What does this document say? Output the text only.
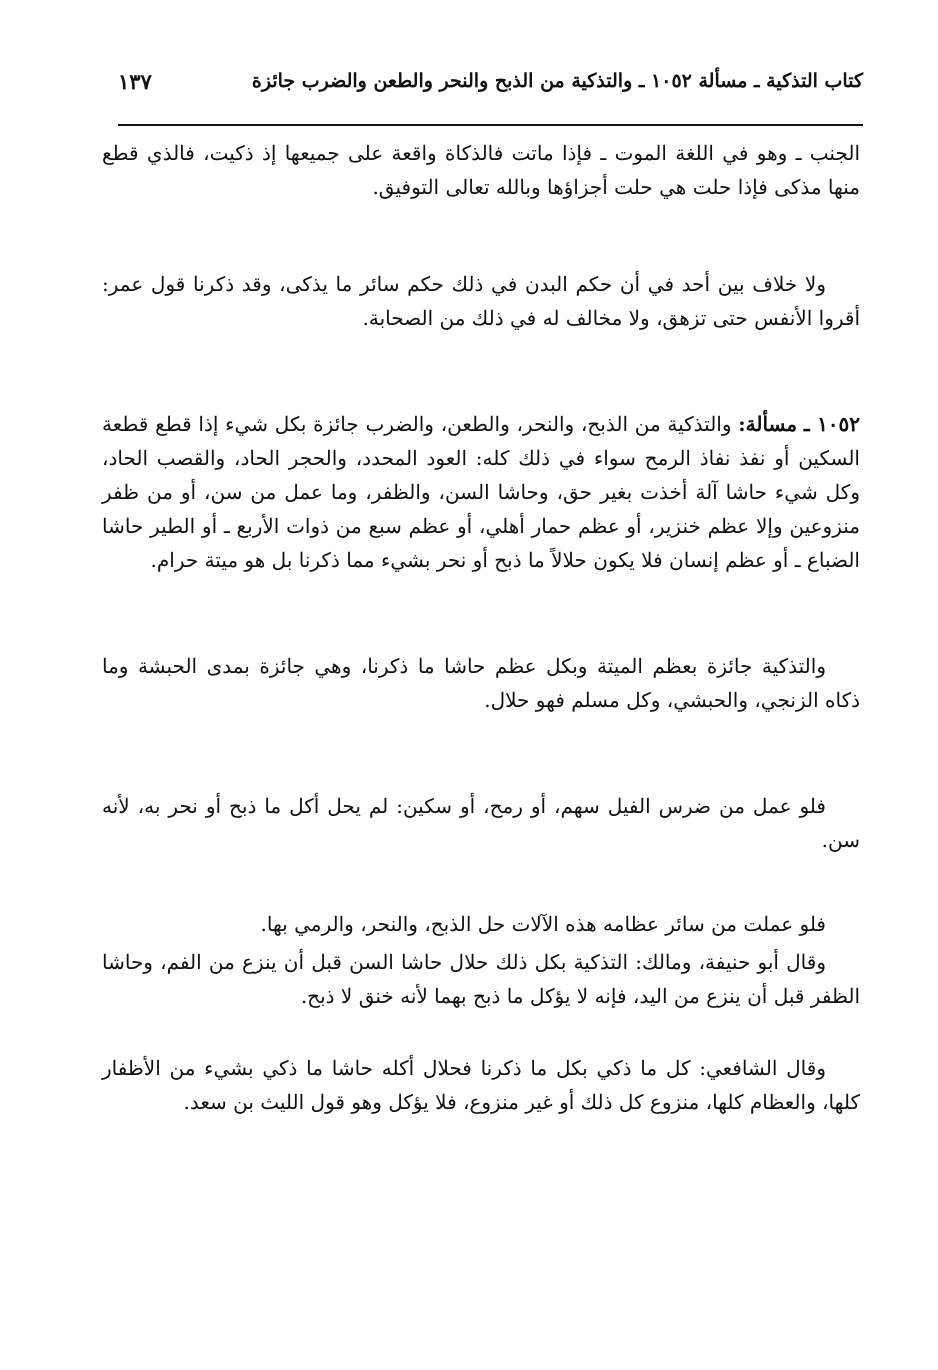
كتاب التذكية ـ مسألة ١٠٥٢ ـ والتذكية من الذبح والنحر والطعن والضرب جائزة
١٣٧

الجنب ـ وهو في اللغة الموت ـ فإذا ماتت فالذكاة واقعة على جميعها إذ ذكيت، فالذي قطع منها مذكى فإذا حلت هي حلت أجزاؤها وبالله تعالى التوفيق.

ولا خلاف بين أحد في أن حكم البدن في ذلك حكم سائر ما يذكى، وقد ذكرنا قول عمر: أقروا الأنفس حتى تزهق، ولا مخالف له في ذلك من الصحابة.

١٠٥٢ ـ مسألة: والتذكية من الذبح، والنحر، والطعن، والضرب جائزة بكل شيء إذا قطع قطعة السكين أو نفذ نفاذ الرمح سواء في ذلك كله: العود المحدد، والحجر الحاد، والقصب الحاد، وكل شيء حاشا آلة أخذت بغير حق، وحاشا السن، والظفر، وما عمل من سن، أو من ظفر منزوعين وإلا عظم خنزير، أو عظم حمار أهلي، أو عظم سبع من ذوات الأربع ـ أو الطير حاشا الضباع ـ أو عظم إنسان فلا يكون حلالاً ما ذبح أو نحر بشيء مما ذكرنا بل هو ميتة حرام.

والتذكية جائزة بعظم الميتة وبكل عظم حاشا ما ذكرنا، وهي جائزة بمدى الحبشة وما ذكاه الزنجي، والحبشي، وكل مسلم فهو حلال.

فلو عمل من ضرس الفيل سهم، أو رمح، أو سكين: لم يحل أكل ما ذبح أو نحر به، لأنه سن.

فلو عملت من سائر عظامه هذه الآلات حل الذبح، والنحر، والرمي بها.

وقال أبو حنيفة، ومالك: التذكية بكل ذلك حلال حاشا السن قبل أن ينزع من الفم، وحاشا الظفر قبل أن ينزع من اليد، فإنه لا يؤكل ما ذبح بهما لأنه خنق لا ذبح.

وقال الشافعي: كل ما ذكي بكل ما ذكرنا فحلال أكله حاشا ما ذكي بشيء من الأظفار كلها، والعظام كلها، منزوع كل ذلك أو غير منزوع، فلا يؤكل وهو قول الليث بن سعد.
